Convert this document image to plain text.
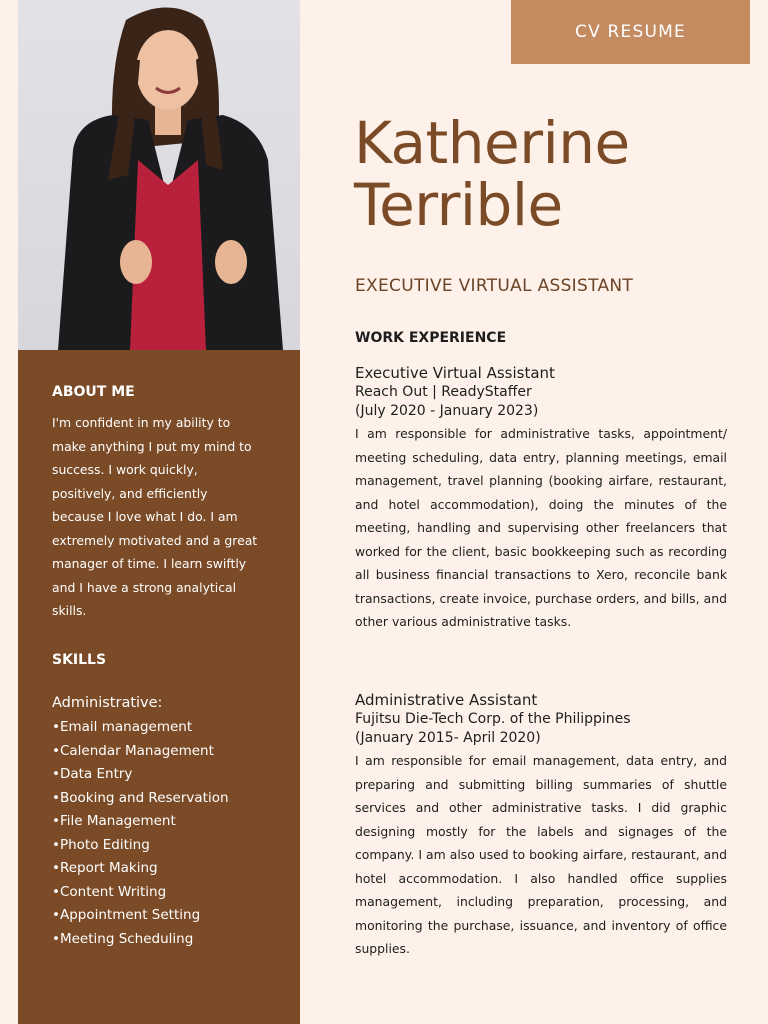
CV RESUME
Katherine
Terrible
EXECUTIVE VIRTUAL ASSISTANT
WORK EXPERIENCE
Executive Virtual Assistant
Reach Out | ReadyStaffer
(July 2020 - January 2023)
I am responsible for administrative tasks, appointment/ meeting scheduling, data entry, planning meetings, email management, travel planning (booking airfare, restaurant, and hotel accommodation), doing the minutes of the meeting, handling and supervising other freelancers that worked for the client, basic bookkeeping such as recording all business financial transactions to Xero, reconcile bank transactions, create invoice, purchase orders, and bills, and other various administrative tasks.
Administrative Assistant
Fujitsu Die-Tech Corp. of the Philippines
(January 2015- April 2020)
I am responsible for email management, data entry, and preparing and submitting billing summaries of shuttle services and other administrative tasks. I did graphic designing mostly for the labels and signages of the company. I am also used to booking airfare, restaurant, and hotel accommodation. I also handled office supplies management, including preparation, processing, and monitoring the purchase, issuance, and inventory of office supplies.
ABOUT ME
I'm confident in my ability to make anything I put my mind to success. I work quickly, positively, and efficiently because I love what I do. I am extremely motivated and a great manager of time. I learn swiftly and I have a strong analytical skills.
SKILLS
Administrative:
• Email management
• Calendar Management
• Data Entry
• Booking and Reservation
• File Management
• Photo Editing
• Report Making
• Content Writing
• Appointment Setting
• Meeting Scheduling
